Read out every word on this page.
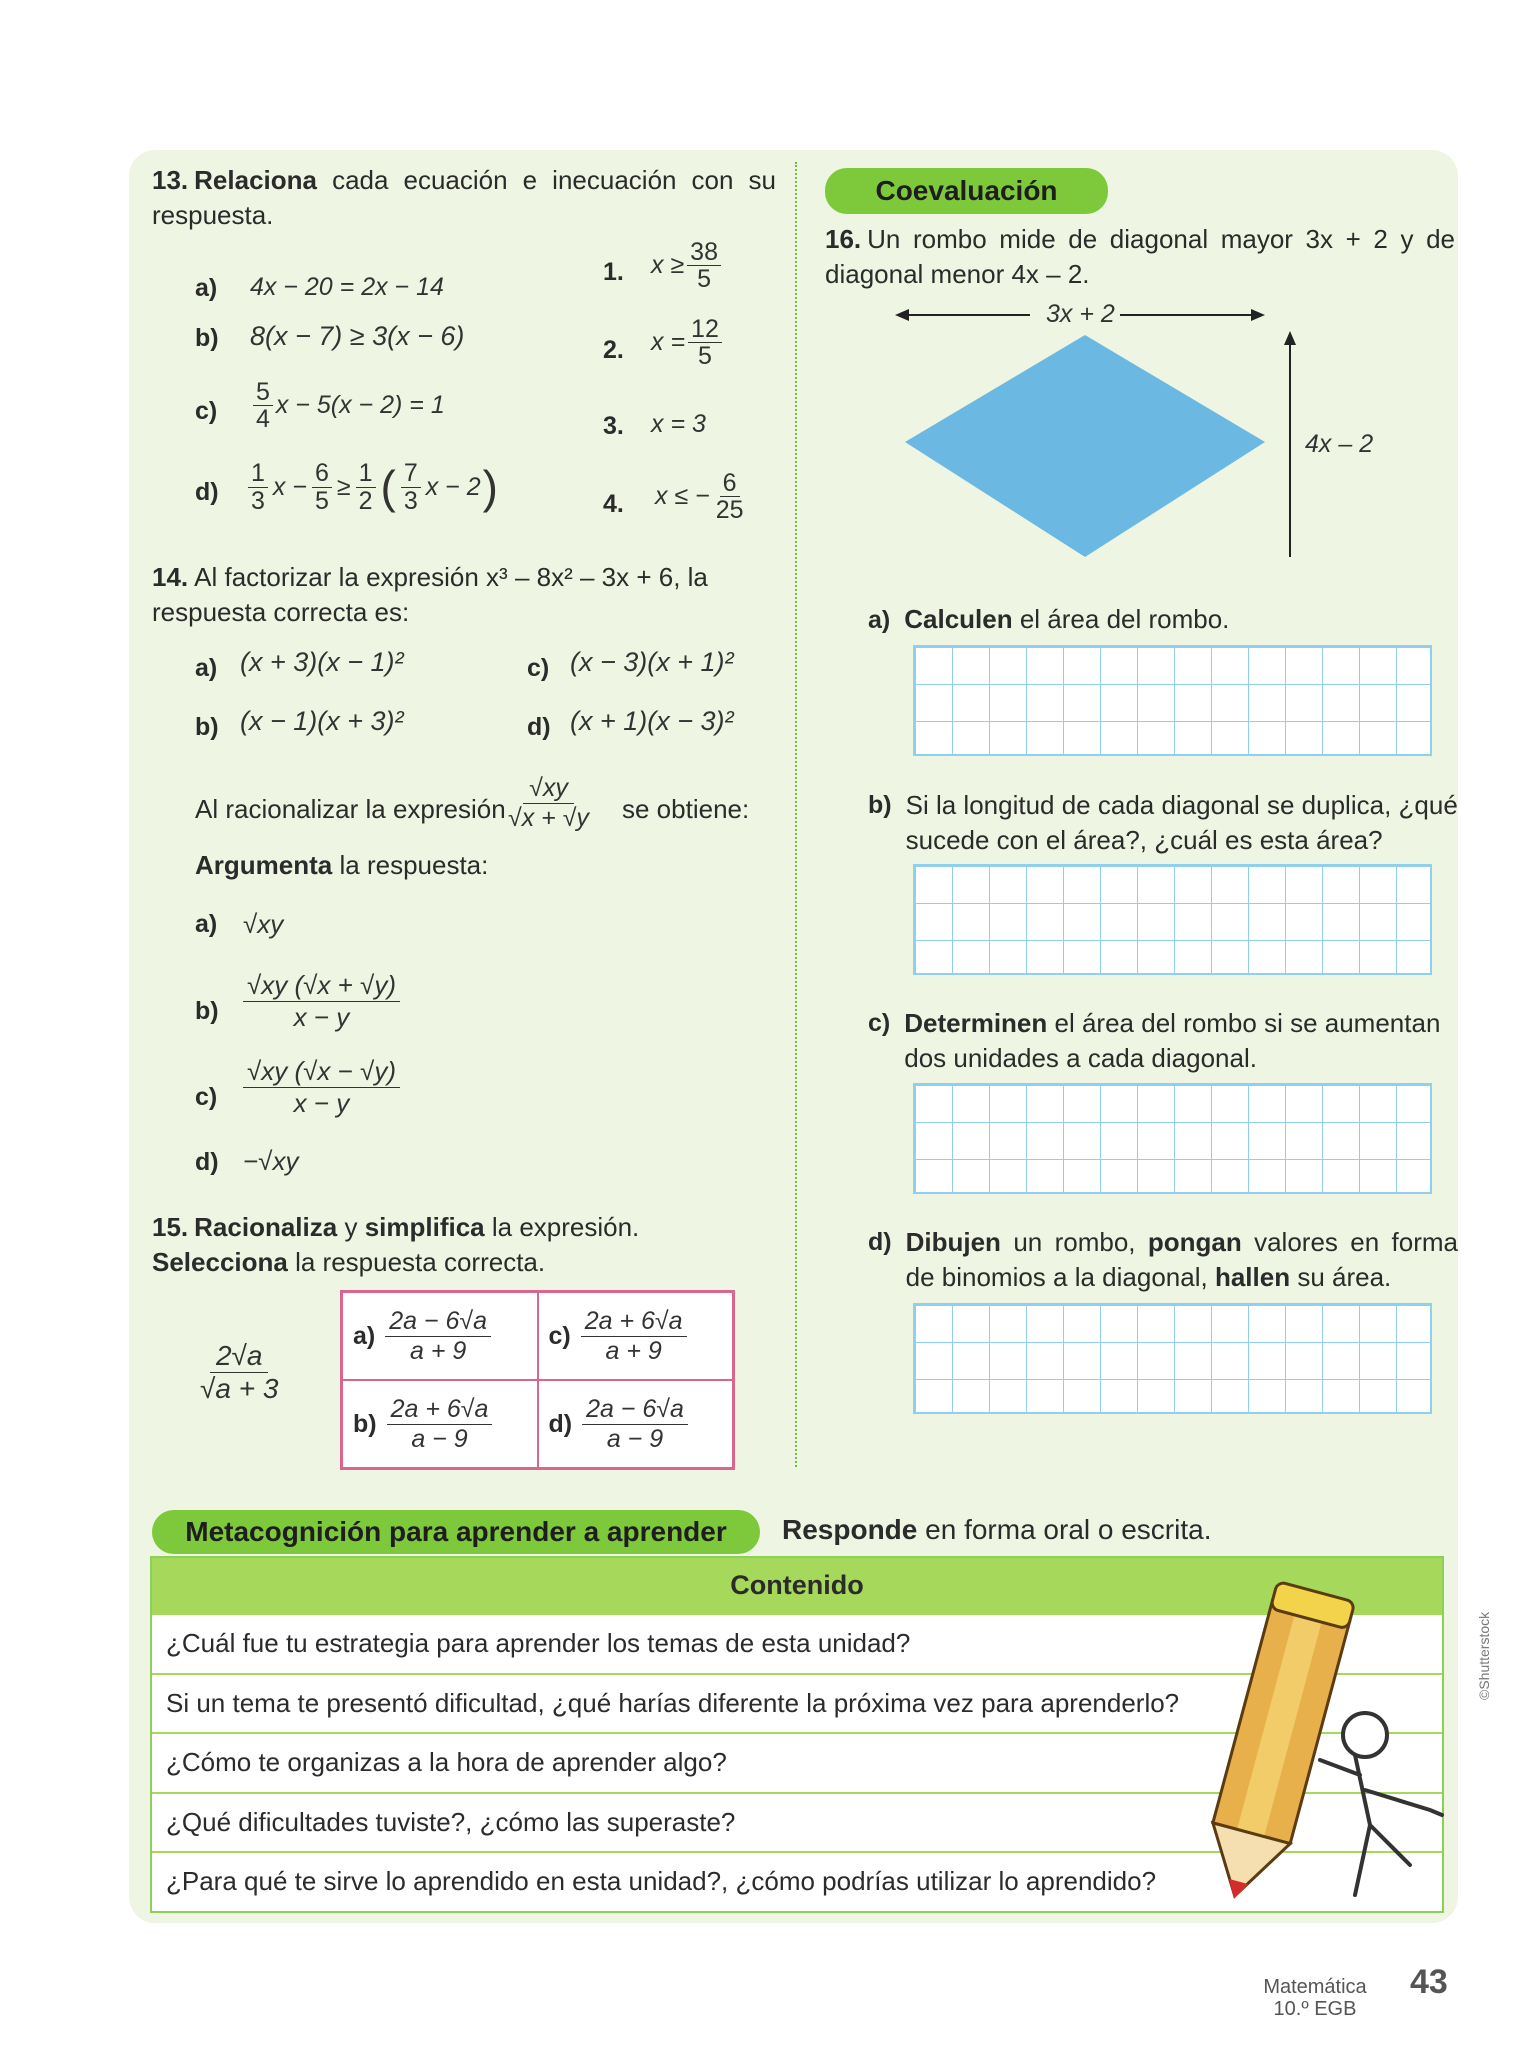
13. Relaciona cada ecuación e inecuación con su respuesta.
a) 4x − 20 = 2x − 14
b) 8(x − 7) ≥ 3(x − 6)
$c) \frac{5}{4}$ x − 5(x − 2) = 1
$d) \frac{1}{3}$ $x - \frac{6}{5} \ge \frac{1}{2}$ ( $\frac{7}{3}$ x − 2 )
1. $x \ge \frac{38}{5}$
2. $x = \frac{12}{5}$
3. x = 3
4. x ≤ − $\frac{6}{25}$
14. Al factorizar la expresión x³ – 8x² – 3x + 6, la respuesta correcta es:
a) (x + 3)(x − 1)²	c) (x − 3)(x + 1)²
b) (x − 1)(x + 3)²	d) (x + 1)(x − 3)²
Al racionalizar la expresión
√xy
√x + √y se obtiene:
Argumenta la respuesta:
a) √xy
b)
√xy (√x + √y)
x − y
c)
√xy (√x − √y)
x − y
d) −√xy
15. Racionaliza y simplifica la expresión. Selecciona la respuesta correcta.
2√a
√a + 3
a)
2a − 6√a
a + 9
c)
2a + 6√a
a + 9
b)
2a + 6√a
a − 9
d)
2a − 6√a
a − 9
Coevaluación
16. Un rombo mide de diagonal mayor 3x + 2 y de diagonal menor 4x – 2.
3x + 2
4x – 2
a) Calculen el área del rombo.
b) Si la longitud de cada diagonal se duplica, ¿qué sucede con el área?, ¿cuál es esta área?
c) Determinen el área del rombo si se aumentan dos unidades a cada diagonal.
d) Dibujen un rombo, pongan valores en forma de binomios a la diagonal, hallen su área.
Metacognición para aprender a aprender	Responde en forma oral o escrita.
Contenido
¿Cuál fue tu estrategia para aprender los temas de esta unidad?
Si un tema te presentó dificultad, ¿qué harías diferente la próxima vez para aprenderlo?
¿Cómo te organizas a la hora de aprender algo?
¿Qué dificultades tuviste?, ¿cómo las superaste?
¿Para qué te sirve lo aprendido en esta unidad?, ¿cómo podrías utilizar lo aprendido?
©Shutterstock
Matemática
10.º EGB
43
